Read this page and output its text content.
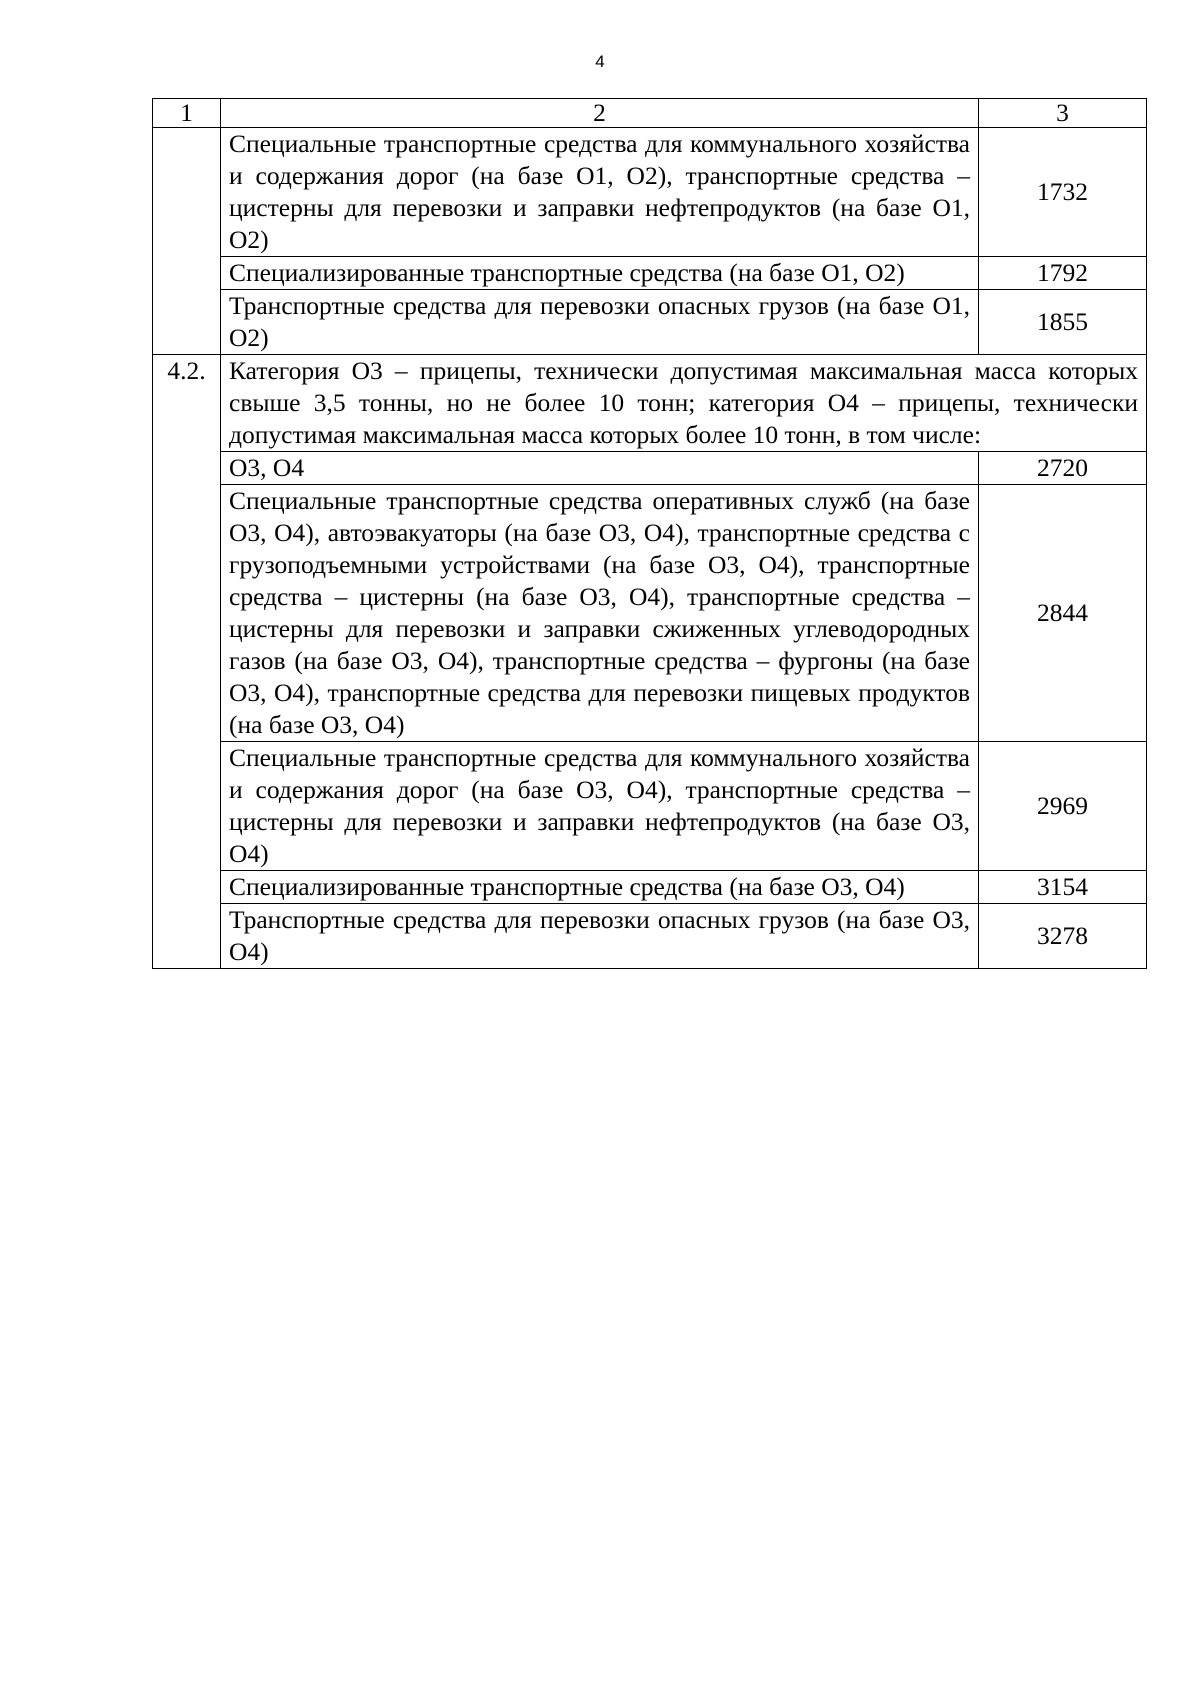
4
1	2	3
	Специальные транспортные средства для коммунального хозяйства и содержания дорог (на базе O1, O2), транспортные средства – цистерны для перевозки и заправки нефтепродуктов (на базе O1, O2)	1732
	Специализированные транспортные средства (на базе O1, O2)	1792
	Транспортные средства для перевозки опасных грузов (на базе O1, O2)	1855
4.2.	Категория O3 – прицепы, технически допустимая максимальная масса которых свыше 3,5 тонны, но не более 10 тонн; категория O4 – прицепы, технически допустимая максимальная масса которых более 10 тонн, в том числе:	
	O3, O4	2720
	Специальные транспортные средства оперативных служб (на базе O3, O4), автоэвакуаторы (на базе O3, O4), транспортные средства с грузоподъемными устройствами (на базе O3, O4), транспортные средства – цистерны (на базе O3, O4), транспортные средства – цистерны для перевозки и заправки сжиженных углеводородных газов (на базе O3, O4), транспортные средства – фургоны (на базе O3, O4), транспортные средства для перевозки пищевых продуктов (на базе O3, O4)	2844
	Специальные транспортные средства для коммунального хозяйства и содержания дорог (на базе O3, O4), транспортные средства – цистерны для перевозки и заправки нефтепродуктов (на базе O3, O4)	2969
	Специализированные транспортные средства (на базе O3, O4)	3154
	Транспортные средства для перевозки опасных грузов (на базе O3, O4)	3278
